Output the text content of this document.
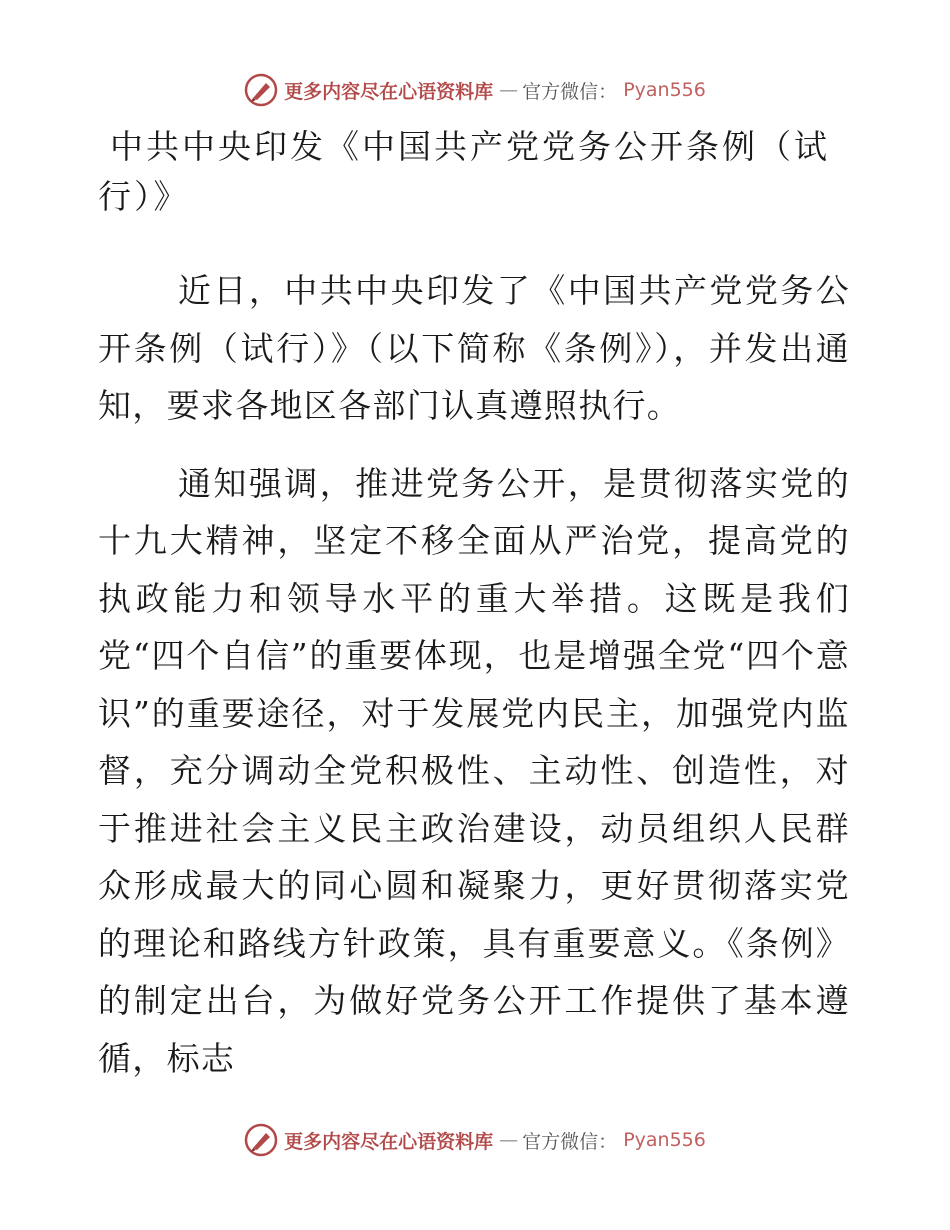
更多内容尽在心语资料库 — 官方微信： Pyan556
中共中央印发《中国共产党党务公开条例（试行）》

近日，中共中央印发了《中国共产党党务公开条例（试行）》（以下简称《条例》），并发出通知，要求各地区各部门认真遵照执行。

通知强调，推进党务公开，是贯彻落实党的十九大精神，坚定不移全面从严治党，提高党的执政能力和领导水平的重大举措。这既是我们党“四个自信”的重要体现，也是增强全党“四个意识”的重要途径，对于发展党内民主，加强党内监督，充分调动全党积极性、主动性、创造性，对于推进社会主义民主政治建设，动员组织人民群众形成最大的同心圆和凝聚力，更好贯彻落实党的理论和路线方针政策，具有重要意义。《条例》的制定出台，为做好党务公开工作提供了基本遵循，标志

更多内容尽在心语资料库 — 官方微信： Pyan556
